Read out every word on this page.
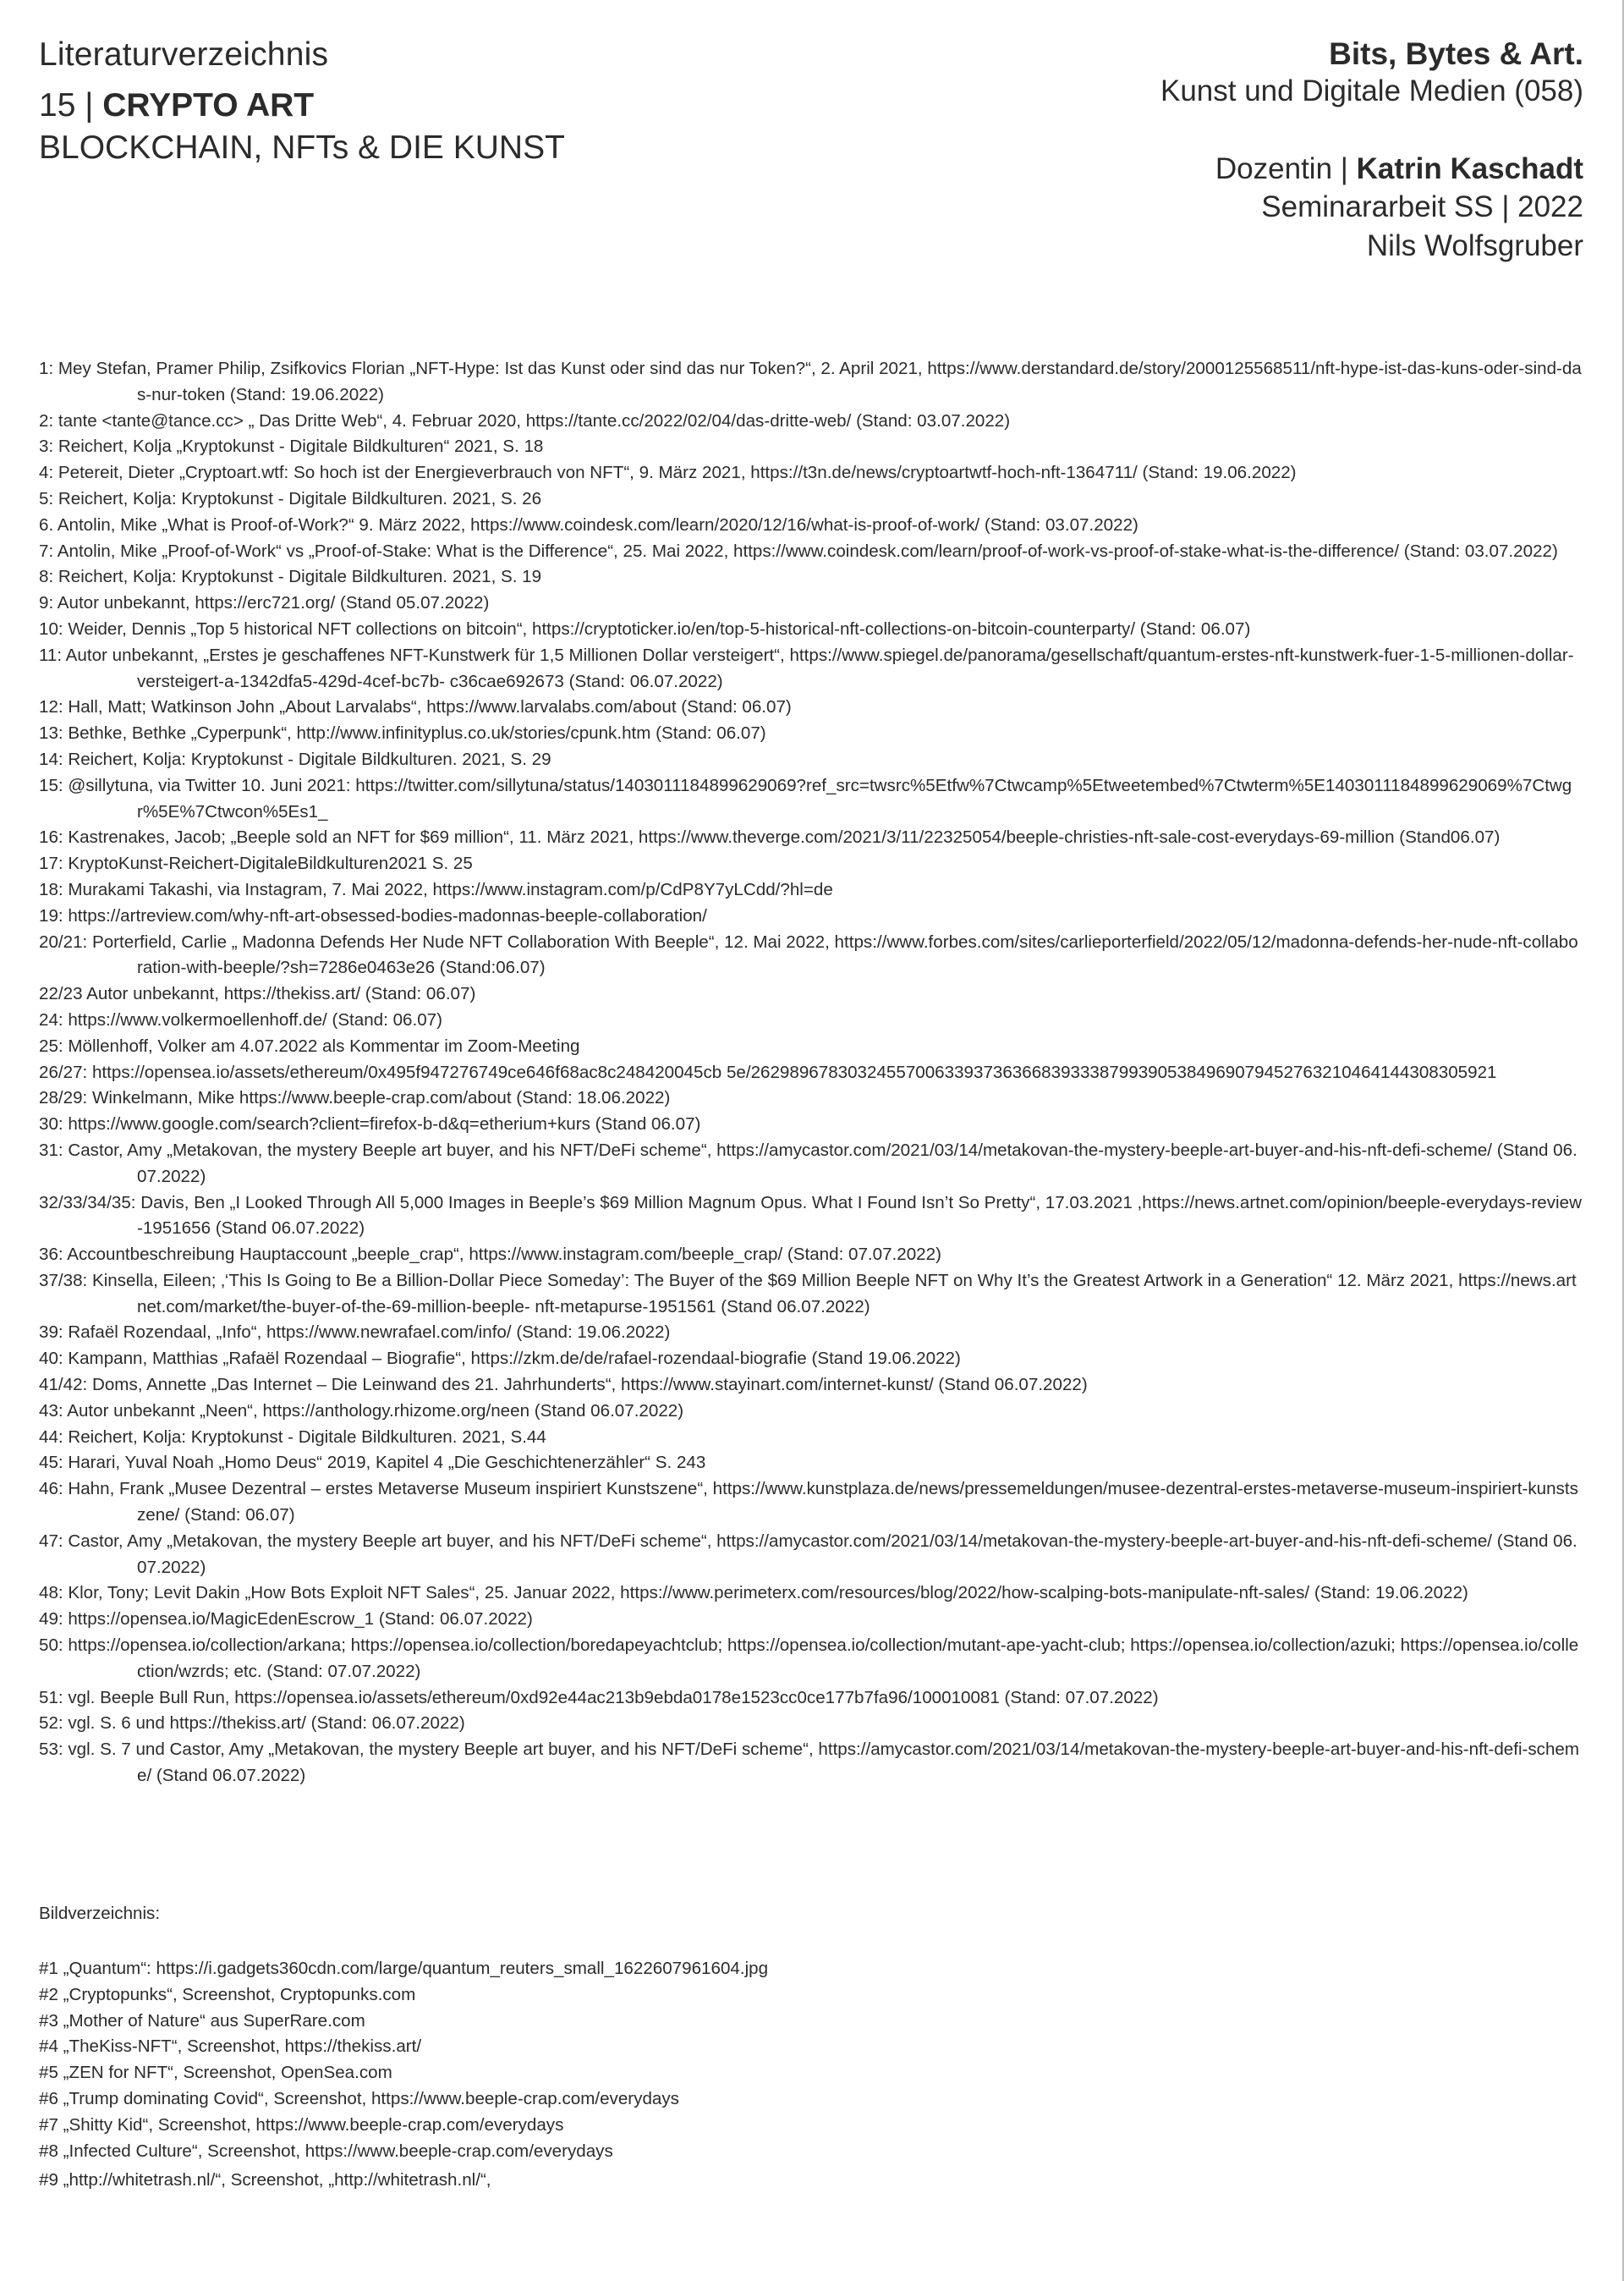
Literaturverzeichnis
15 | CRYPTO ART
BLOCKCHAIN, NFTs & DIE KUNST
Bits, Bytes & Art.
Kunst und Digitale Medien (058)
Dozentin | Katrin Kaschadt
Seminararbeit SS | 2022
Nils Wolfsgruber
1: Mey Stefan, Pramer Philip, Zsifkovics Florian „NFT-Hype: Ist das Kunst oder sind das nur Token?“, 2. April 2021, https://www.derstandard.de/story/2000125568511/nft-hype-ist-das-kuns-oder-sind-das-nur-token (Stand: 19.06.2022)
2: tante <tante@tance.cc> „ Das Dritte Web“, 4. Februar 2020, https://tante.cc/2022/02/04/das-dritte-web/ (Stand: 03.07.2022)
3: Reichert, Kolja „Kryptokunst - Digitale Bildkulturen“ 2021, S. 18
4: Petereit, Dieter „Cryptoart.wtf: So hoch ist der Energieverbrauch von NFT“, 9. März 2021, https://t3n.de/news/cryptoartwtf-hoch-nft-1364711/ (Stand: 19.06.2022)
5: Reichert, Kolja: Kryptokunst - Digitale Bildkulturen. 2021, S. 26
6. Antolin, Mike „What is Proof-of-Work?“ 9. März 2022, https://www.coindesk.com/learn/2020/12/16/what-is-proof-of-work/ (Stand: 03.07.2022)
7: Antolin, Mike „Proof-of-Work“ vs „Proof-of-Stake: What is the Difference“, 25. Mai 2022, https://www.coindesk.com/learn/proof-of-work-vs-proof-of-stake-what-is-the-difference/ (Stand: 03.07.2022)
8: Reichert, Kolja: Kryptokunst - Digitale Bildkulturen. 2021, S. 19
9: Autor unbekannt, https://erc721.org/ (Stand 05.07.2022)
10: Weider, Dennis „Top 5 historical NFT collections on bitcoin“, https://cryptoticker.io/en/top-5-historical-nft-collections-on-bitcoin-counterparty/ (Stand: 06.07)
11: Autor unbekannt, „Erstes je geschaffenes NFT-Kunstwerk für 1,5 Millionen Dollar versteigert“, https://www.spiegel.de/panorama/gesellschaft/quantum-erstes-nft-kunstwerk-fuer-1-5-millionen-dollar-versteigert-a-1342dfa5-429d-4cef-bc7b- c36cae692673 (Stand: 06.07.2022)
12: Hall, Matt; Watkinson John „About Larvalabs“, https://www.larvalabs.com/about (Stand: 06.07)
13: Bethke, Bethke „Cyperpunk“, http://www.infinityplus.co.uk/stories/cpunk.htm (Stand: 06.07)
14: Reichert, Kolja: Kryptokunst - Digitale Bildkulturen. 2021, S. 29
15: @sillytuna, via Twitter 10. Juni 2021: https://twitter.com/sillytuna/status/1403011184899629069?ref_src=twsrc%5Etfw%7Ctwcamp%5Etweetembed%7Ctwterm%5E1403011184899629069%7Ctwgr%5E%7Ctwcon%5Es1_
16: Kastrenakes, Jacob; „Beeple sold an NFT for $69 million“, 11. März 2021, https://www.theverge.com/2021/3/11/22325054/beeple-christies-nft-sale-cost-everydays-69-million (Stand06.07)
17: KryptoKunst-Reichert-DigitaleBildkulturen2021 S. 25
18: Murakami Takashi, via Instagram, 7. Mai 2022, https://www.instagram.com/p/CdP8Y7yLCdd/?hl=de
19: https://artreview.com/why-nft-art-obsessed-bodies-madonnas-beeple-collaboration/
20/21: Porterfield, Carlie „ Madonna Defends Her Nude NFT Collaboration With Beeple“, 12. Mai 2022, https://www.forbes.com/sites/carlieporterfield/2022/05/12/madonna-defends-her-nude-nft-collaboration-with-beeple/?sh=7286e0463e26 (Stand:06.07)
22/23 Autor unbekannt, https://thekiss.art/ (Stand: 06.07)
24: https://www.volkermoellenhoff.de/ (Stand: 06.07)
25: Möllenhoff, Volker am 4.07.2022 als Kommentar im Zoom-Meeting
26/27: https://opensea.io/assets/ethereum/0x495f947276749ce646f68ac8c248420045cb 5e/26298967830324557006339373636683933387993905384969079452763210464144308305921
28/29: Winkelmann, Mike https://www.beeple-crap.com/about (Stand: 18.06.2022)
30: https://www.google.com/search?client=firefox-b-d&q=etherium+kurs (Stand 06.07)
31: Castor, Amy „Metakovan, the mystery Beeple art buyer, and his NFT/DeFi scheme“, https://amycastor.com/2021/03/14/metakovan-the-mystery-beeple-art-buyer-and-his-nft-defi-scheme/ (Stand 06.07.2022)
32/33/34/35: Davis, Ben „I Looked Through All 5,000 Images in Beeple’s $69 Million Magnum Opus. What I Found Isn’t So Pretty“, 17.03.2021 ,https://news.artnet.com/opinion/beeple-everydays-review-1951656 (Stand 06.07.2022)
36: Accountbeschreibung Hauptaccount „beeple_crap“, https://www.instagram.com/beeple_crap/ (Stand: 07.07.2022)
37/38: Kinsella, Eileen; ‚‘This Is Going to Be a Billion-Dollar Piece Someday’: The Buyer of the $69 Million Beeple NFT on Why It’s the Greatest Artwork in a Generation“ 12. März 2021, https://news.artnet.com/market/the-buyer-of-the-69-million-beeple- nft-metapurse-1951561 (Stand 06.07.2022)
39: Rafaël Rozendaal, „Info“, https://www.newrafael.com/info/ (Stand: 19.06.2022)
40: Kampann, Matthias „Rafaël Rozendaal – Biografie“, https://zkm.de/de/rafael-rozendaal-biografie (Stand 19.06.2022)
41/42: Doms, Annette „Das Internet – Die Leinwand des 21. Jahrhunderts“, https://www.stayinart.com/internet-kunst/ (Stand 06.07.2022)
43: Autor unbekannt „Neen“, https://anthology.rhizome.org/neen (Stand 06.07.2022)
44: Reichert, Kolja: Kryptokunst - Digitale Bildkulturen. 2021, S.44
45: Harari, Yuval Noah „Homo Deus“ 2019, Kapitel 4 „Die Geschichtenerzähler“ S. 243
46: Hahn, Frank „Musee Dezentral – erstes Metaverse Museum inspiriert Kunstszene“, https://www.kunstplaza.de/news/pressemeldungen/musee-dezentral-erstes-metaverse-museum-inspiriert-kunstszene/ (Stand: 06.07)
47: Castor, Amy „Metakovan, the mystery Beeple art buyer, and his NFT/DeFi scheme“, https://amycastor.com/2021/03/14/metakovan-the-mystery-beeple-art-buyer-and-his-nft-defi-scheme/ (Stand 06.07.2022)
48: Klor, Tony; Levit Dakin „How Bots Exploit NFT Sales“, 25. Januar 2022, https://www.perimeterx.com/resources/blog/2022/how-scalping-bots-manipulate-nft-sales/ (Stand: 19.06.2022)
49: https://opensea.io/MagicEdenEscrow_1 (Stand: 06.07.2022)
50: https://opensea.io/collection/arkana; https://opensea.io/collection/boredapeyachtclub; https://opensea.io/collection/mutant-ape-yacht-club; https://opensea.io/collection/azuki; https://opensea.io/collection/wzrds; etc. (Stand: 07.07.2022)
51: vgl. Beeple Bull Run, https://opensea.io/assets/ethereum/0xd92e44ac213b9ebda0178e1523cc0ce177b7fa96/100010081 (Stand: 07.07.2022)
52: vgl. S. 6 und https://thekiss.art/ (Stand: 06.07.2022)
53: vgl. S. 7 und Castor, Amy „Metakovan, the mystery Beeple art buyer, and his NFT/DeFi scheme“, https://amycastor.com/2021/03/14/metakovan-the-mystery-beeple-art-buyer-and-his-nft-defi-scheme/ (Stand 06.07.2022)
Bildverzeichnis:
#1 „Quantum“: https://i.gadgets360cdn.com/large/quantum_reuters_small_1622607961604.jpg
#2 „Cryptopunks“, Screenshot, Cryptopunks.com
#3 „Mother of Nature“ aus SuperRare.com
#4 „TheKiss-NFT“, Screenshot, https://thekiss.art/
#5 „ZEN for NFT“, Screenshot, OpenSea.com
#6 „Trump dominating Covid“, Screenshot, https://www.beeple-crap.com/everydays
#7 „Shitty Kid“, Screenshot, https://www.beeple-crap.com/everydays
#8 „Infected Culture“, Screenshot, https://www.beeple-crap.com/everydays
#9 „http://whitetrash.nl/“, Screenshot, „http://whitetrash.nl/“,
